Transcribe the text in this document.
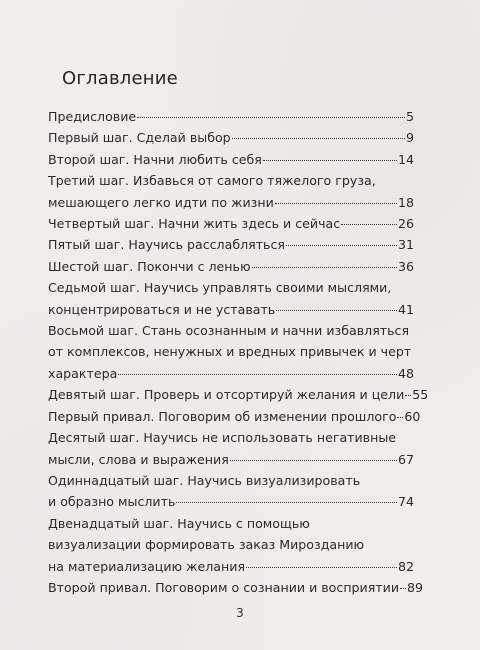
Оглавление
Предисловие	5
Первый шаг. Сделай выбор	9
Второй шаг. Начни любить себя	14
Третий шаг. Избавься от самого тяжелого груза,
мешающего легко идти по жизни	18
Четвертый шаг. Начни жить здесь и сейчас	26
Пятый шаг. Научись расслабляться	31
Шестой шаг. Покончи с ленью	36
Седьмой шаг. Научись управлять своими мыслями,
концентрироваться и не уставать	41
Восьмой шаг. Стань осознанным и начни избавляться
от комплексов, ненужных и вредных привычек и черт
характера	48
Девятый шаг. Проверь и отсортируй желания и цели 55
Первый привал. Поговорим об изменении прошлого 60
Десятый шаг. Научись не использовать негативные
мысли, слова и выражения	67
Одиннадцатый шаг. Научись визуализировать
и образно мыслить	74
Двенадцатый шаг. Научись с помощью
визуализации формировать заказ Мирозданию
на материализацию желания	82
Второй привал. Поговорим о сознании и восприятии 89
3
